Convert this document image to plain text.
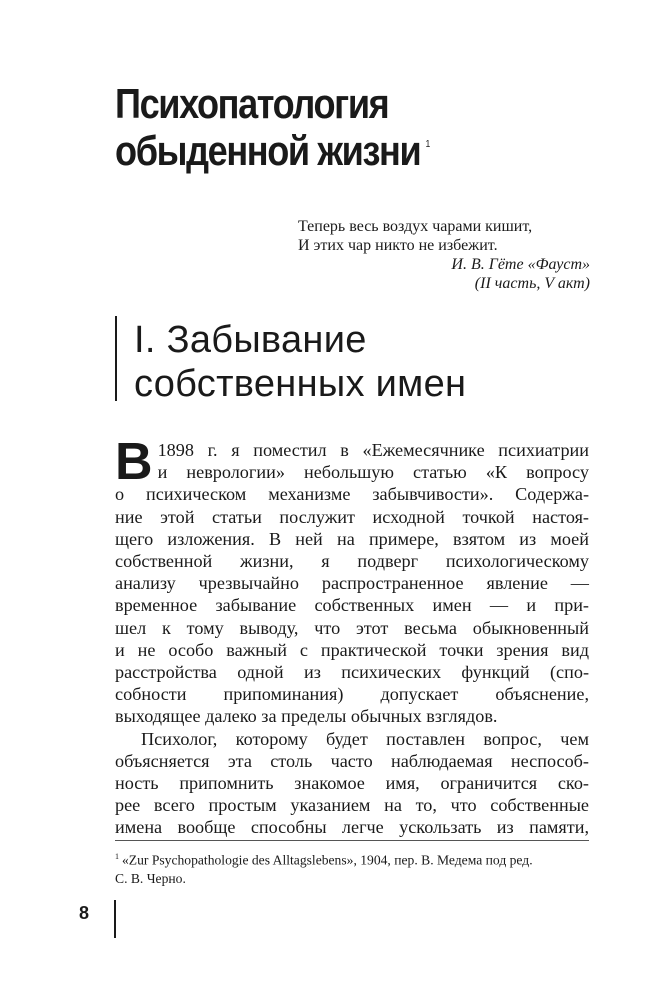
Психопатология
обыденной жизни $^1$
Теперь весь воздух чарами кишит,
И этих чар никто не избежит.
И. В. Гёте «Фауст»
(II часть, V акт)
I. Забывание
собственных имен
В 1898 г. я поместил в «Ежемесячнике психиатрии
и неврологии» небольшую статью «К вопросу
о психическом механизме забывчивости». Содержа-
ние этой статьи послужит исходной точкой настоя-
щего изложения. В ней на примере, взятом из моей
собственной жизни, я подверг психологическому
анализу чрезвычайно распространенное явление —
временное забывание собственных имен — и при-
шел к тому выводу, что этот весьма обыкновенный
и не особо важный с практической точки зрения вид
расстройства одной из психических функций (спо-
собности припоминания) допускает объяснение,
выходящее далеко за пределы обычных взглядов.
Психолог, которому будет поставлен вопрос, чем
объясняется эта столь часто наблюдаемая неспособ-
ность припомнить знакомое имя, ограничится ско-
рее всего простым указанием на то, что собственные
имена вообще способны легче ускользать из памяти,
$^1$ «Zur Psychopathologie des Alltagslebens», 1904, пер. В. Медема под ред.
С. В. Черно.
8
